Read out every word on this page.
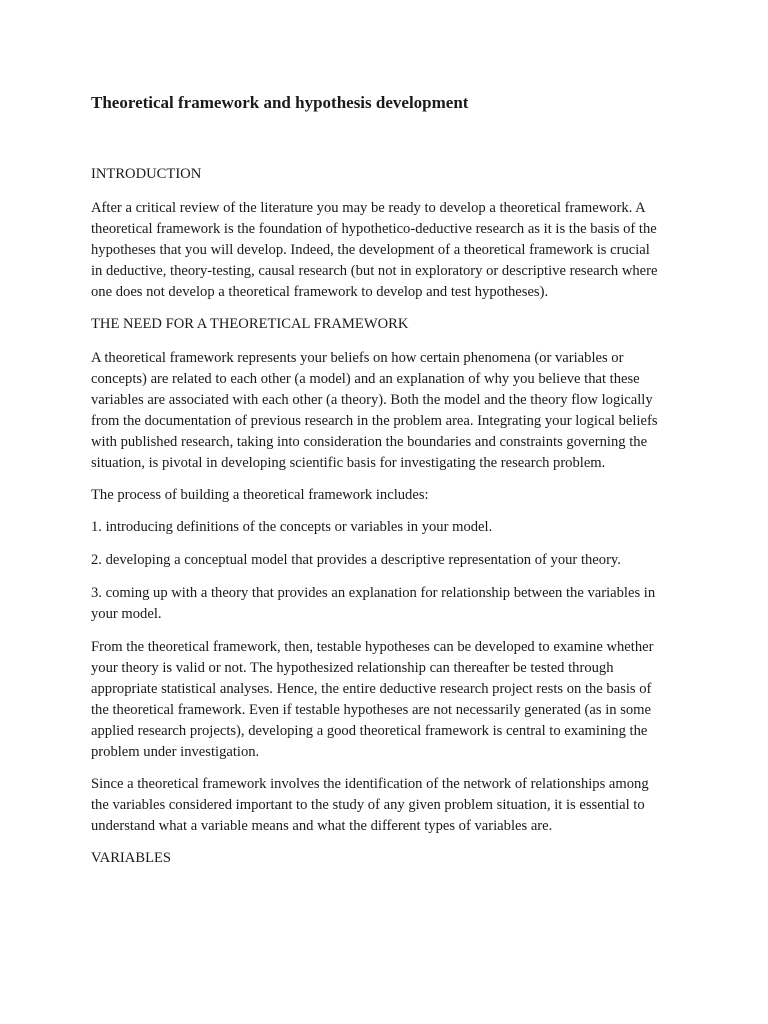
Theoretical framework and hypothesis development

INTRODUCTION

After a critical review of the literature you may be ready to develop a theoretical framework. A
theoretical framework is the foundation of hypothetico-deductive research as it is the basis of the
hypotheses that you will develop. Indeed, the development of a theoretical framework is crucial
in deductive, theory-testing, causal research (but not in exploratory or descriptive research where
one does not develop a theoretical framework to develop and test hypotheses).

THE NEED FOR A THEORETICAL FRAMEWORK

A theoretical framework represents your beliefs on how certain phenomena (or variables or
concepts) are related to each other (a model) and an explanation of why you believe that these
variables are associated with each other (a theory). Both the model and the theory flow logically
from the documentation of previous research in the problem area. Integrating your logical beliefs
with published research, taking into consideration the boundaries and constraints governing the
situation, is pivotal in developing scientific basis for investigating the research problem.

The process of building a theoretical framework includes:

1. introducing definitions of the concepts or variables in your model.

2. developing a conceptual model that provides a descriptive representation of your theory.

3. coming up with a theory that provides an explanation for relationship between the variables in
your model.

From the theoretical framework, then, testable hypotheses can be developed to examine whether
your theory is valid or not. The hypothesized relationship can thereafter be tested through
appropriate statistical analyses. Hence, the entire deductive research project rests on the basis of
the theoretical framework. Even if testable hypotheses are not necessarily generated (as in some
applied research projects), developing a good theoretical framework is central to examining the
problem under investigation.

Since a theoretical framework involves the identification of the network of relationships among
the variables considered important to the study of any given problem situation, it is essential to
understand what a variable means and what the different types of variables are.

VARIABLES
